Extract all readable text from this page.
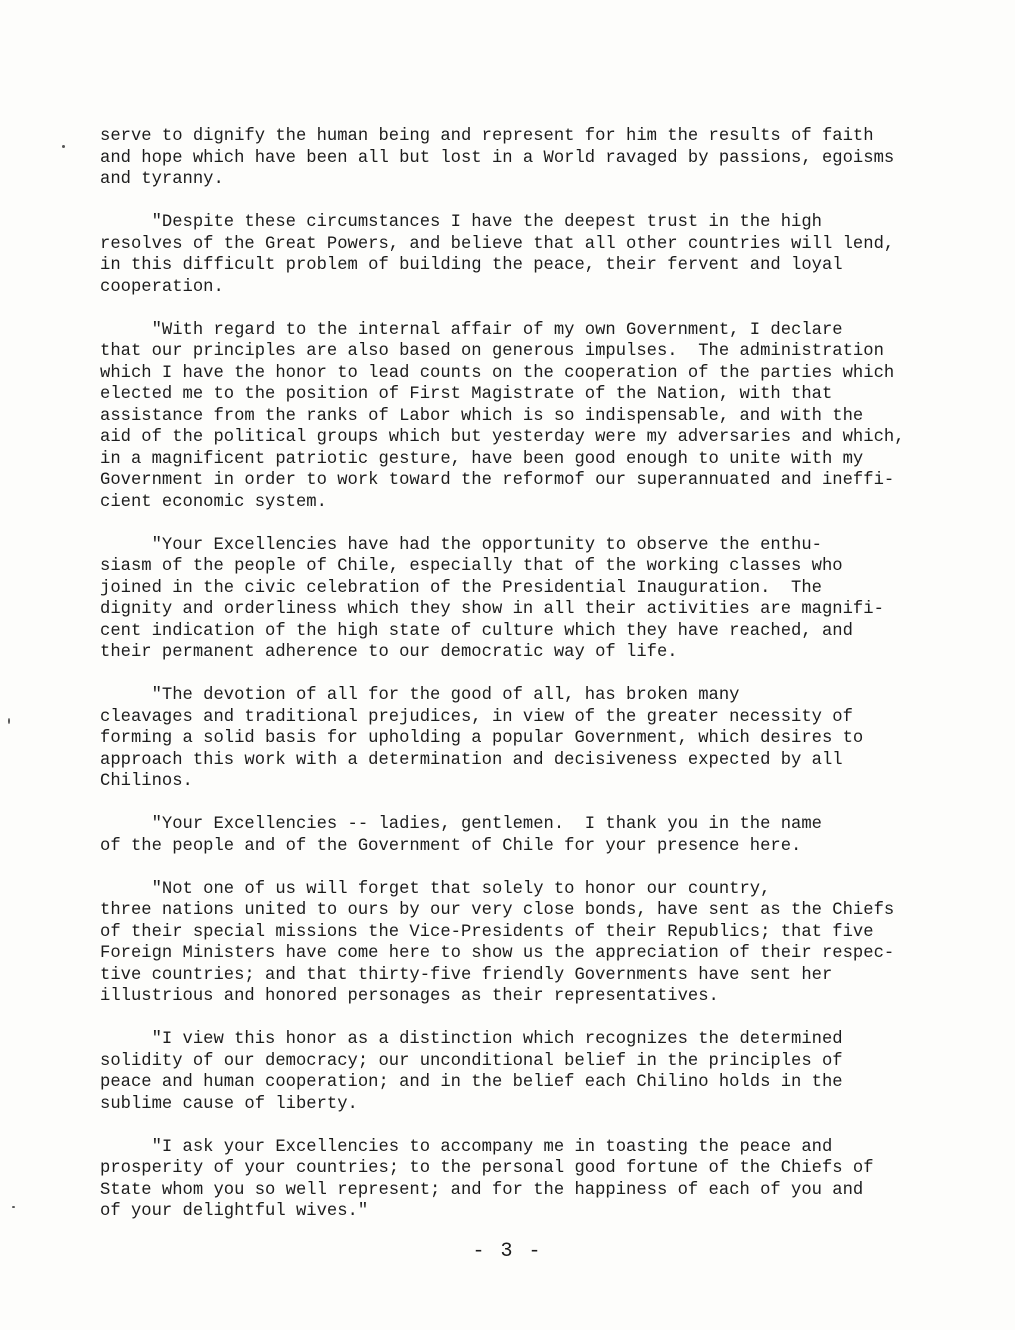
serve to dignify the human being and represent for him the results of faith
and hope which have been all but lost in a World ravaged by passions, egoisms
and tyranny.

"Despite these circumstances I have the deepest trust in the high
resolves of the Great Powers, and believe that all other countries will lend,
in this difficult problem of building the peace, their fervent and loyal
cooperation.

"With regard to the internal affair of my own Government, I declare
that our principles are also based on generous impulses.  The administration
which I have the honor to lead counts on the cooperation of the parties which
elected me to the position of First Magistrate of the Nation, with that
assistance from the ranks of Labor which is so indispensable, and with the
aid of the political groups which but yesterday were my adversaries and which,
in a magnificent patriotic gesture, have been good enough to unite with my
Government in order to work toward the reformof our superannuated and ineffi-
cient economic system.

"Your Excellencies have had the opportunity to observe the enthu-
siasm of the people of Chile, especially that of the working classes who
joined in the civic celebration of the Presidential Inauguration.  The
dignity and orderliness which they show in all their activities are magnifi-
cent indication of the high state of culture which they have reached, and
their permanent adherence to our democratic way of life.

"The devotion of all for the good of all, has broken many
cleavages and traditional prejudices, in view of the greater necessity of
forming a solid basis for upholding a popular Government, which desires to
approach this work with a determination and decisiveness expected by all
Chilinos.

"Your Excellencies -- ladies, gentlemen.  I thank you in the name
of the people and of the Government of Chile for your presence here.

"Not one of us will forget that solely to honor our country,
three nations united to ours by our very close bonds, have sent as the Chiefs
of their special missions the Vice-Presidents of their Republics; that five
Foreign Ministers have come here to show us the appreciation of their respec-
tive countries; and that thirty-five friendly Governments have sent her
illustrious and honored personages as their representatives.

"I view this honor as a distinction which recognizes the determined
solidity of our democracy; our unconditional belief in the principles of
peace and human cooperation; and in the belief each Chilino holds in the
sublime cause of liberty.

"I ask your Excellencies to accompany me in toasting the peace and
prosperity of your countries; to the personal good fortune of the Chiefs of
State whom you so well represent; and for the happiness of each of you and
of your delightful wives."

- 3 -
